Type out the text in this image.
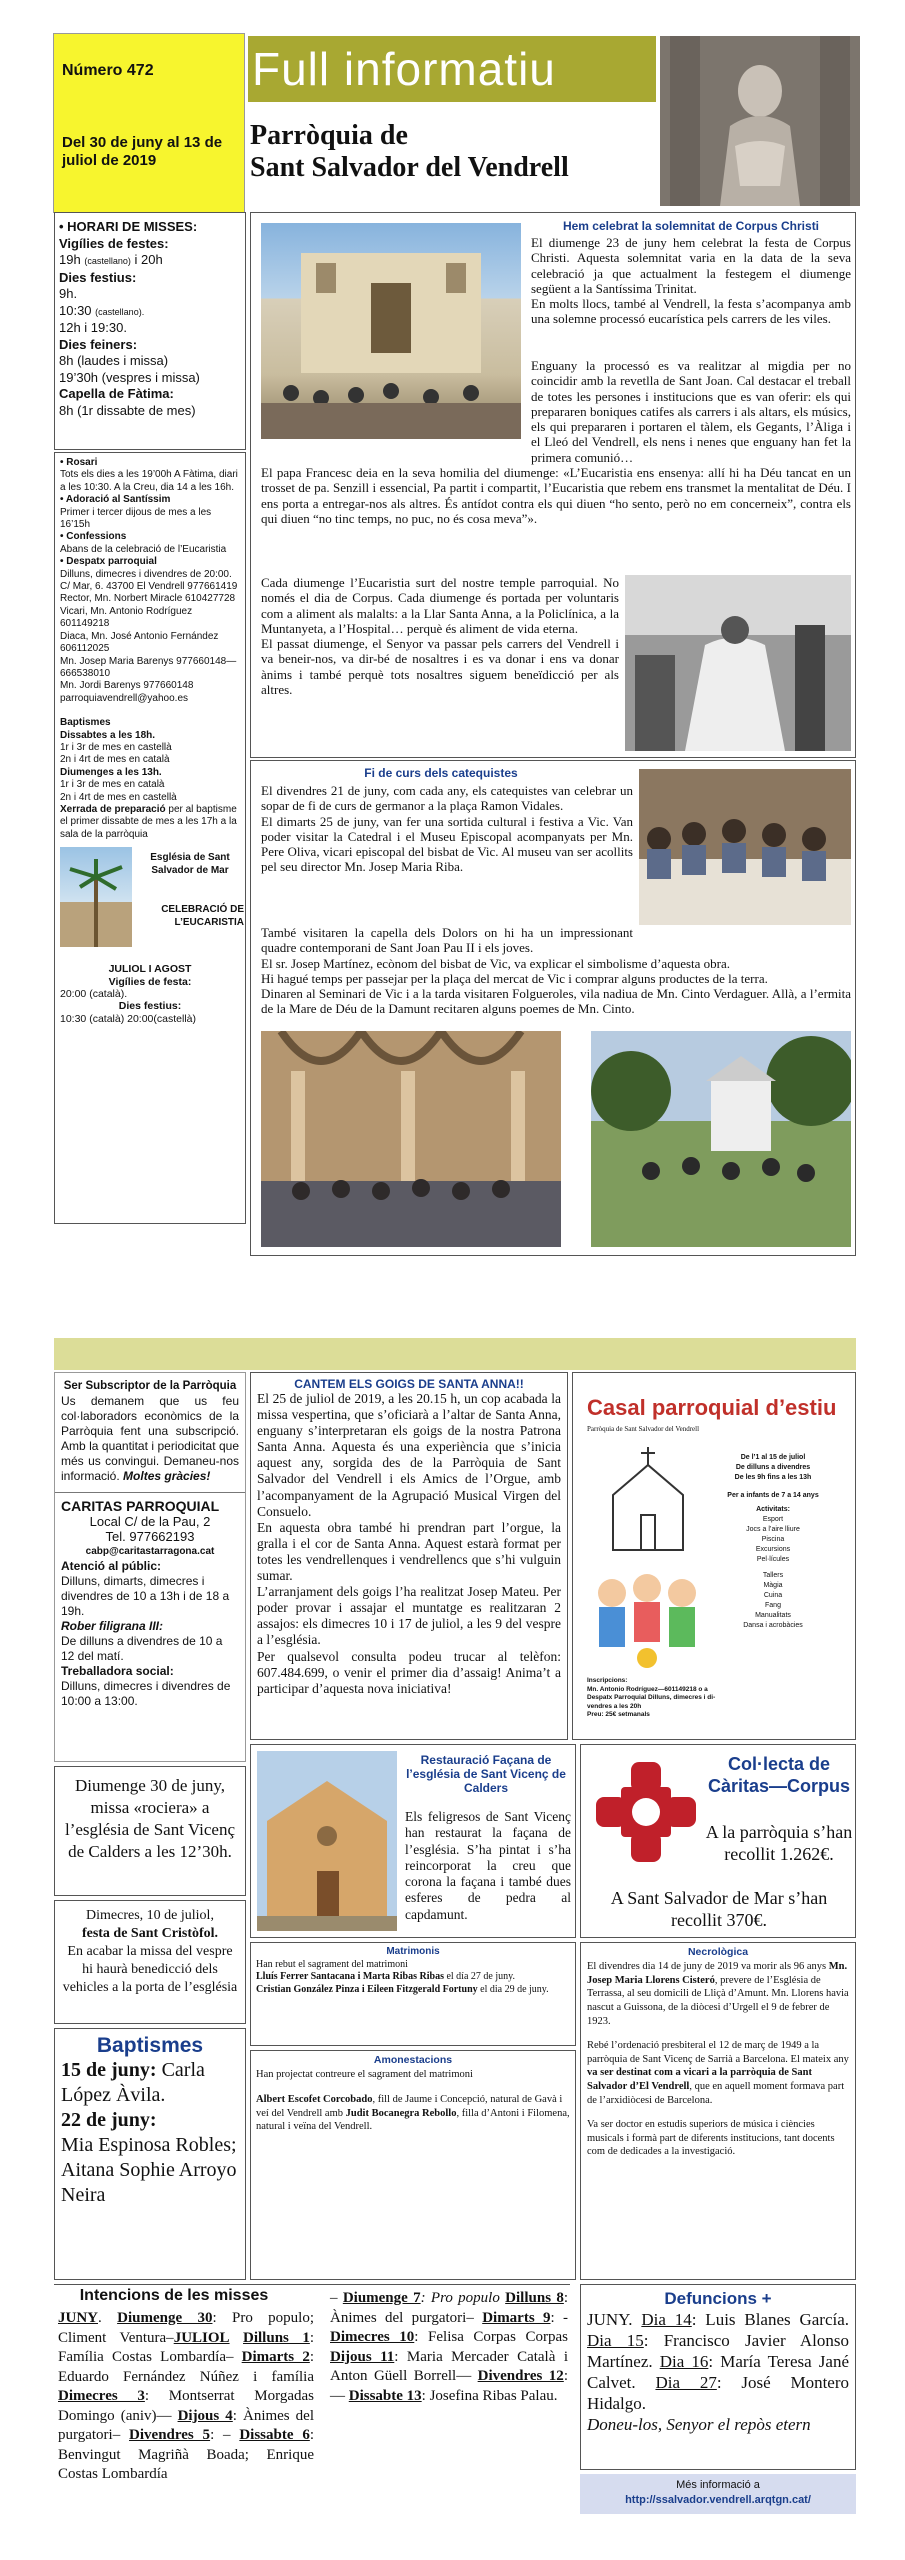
Número 472
Del 30 de juny al 13 de juliol de 2019
Full informatiu
Parròquia de
Sant Salvador del Vendrell
• HORARI DE MISSES:
Vigílies de festes:
19h (castellano) i 20h
Dies festius:
9h.
10:30 (castellano).
12h i 19:30.
Dies feiners:
8h (laudes i missa)
19’30h (vespres i missa)
Capella de Fàtima:
8h (1r dissabte de mes)
• Rosari
Tots els dies a les 19’00h A Fàtima, diari a les 10:30. A la Creu, dia 14 a les 16h.
• Adoració al Santíssim
Primer i tercer dijous de mes a les 16’15h
• Confessions
Abans de la celebració de l’Eucaristia
• Despatx parroquial
Dilluns, dimecres i divendres de 20:00.
C/ Mar, 6. 43700 El Vendrell 977661419
Rector, Mn. Norbert Miracle 610427728
Vicari, Mn. Antonio Rodríguez 601149218
Diaca, Mn. José Antonio Fernández 606112025
Mn. Josep Maria Barenys 977660148—666538010
Mn. Jordi Barenys 977660148
parroquiavendrell@yahoo.es
Baptismes
Dissabtes a les 18h.
1r i 3r de mes en castellà
2n i 4rt de mes en català
Diumenges a les 13h.
1r i 3r de mes en català
2n i 4rt de mes en castellà
Xerrada de preparació per al baptisme el primer dissabte de mes a les 17h a la sala de la parròquia
Església de Sant Salvador de Mar
CELEBRACIÓ DE L’EUCARISTIA
JULIOL I AGOST
Vigílies de festa:
20:00 (català).
Dies festius:
10:30 (català) 20:00(castellà)
Hem celebrat la solemnitat de Corpus Christi

El diumenge 23 de juny hem celebrat la festa de Corpus Christi. Aquesta solemnitat varia en la data de la seva celebració ja que actualment la festegem el diumenge següent a la Santíssima Trinitat.

En molts llocs, també al Vendrell, la festa s’acompanya amb una solemne processó eucarística pels carrers de les viles.

Enguany la processó es va realitzar al migdia per no coincidir amb la revetlla de Sant Joan. Cal destacar el treball de totes les persones i institucions que es van oferir: els qui prepararen boniques catifes als carrers i als altars, els músics, els qui prepararen i portaren el tàlem, els Gegants, l’Àliga i el Lleó del Vendrell, els nens i nenes que enguany han fet la primera comunió…

El papa Francesc deia en la seva homilia del diumenge: «L’Eucaristia ens ensenya: allí hi ha Déu tancat en un trosset de pa. Senzill i essencial, Pa partit i compartit, l’Eucaristia que rebem ens transmet la mentalitat de Déu. I ens porta a entregar-nos als altres. És antídot contra els qui diuen “ho sento, però no em concerneix”, contra els qui diuen “no tinc temps, no puc, no és cosa meva”».

Cada diumenge l’Eucaristia surt del nostre temple parroquial. No només el dia de Corpus. Cada diumenge és portada per voluntaris com a aliment als malalts: a la Llar Santa Anna, a la Policlínica, a la Muntanyeta, a l’Hospital… perquè és aliment de vida eterna.

El passat diumenge, el Senyor va passar pels carrers del Vendrell i va beneir-nos, va dir-bé de nosaltres i es va donar i ens va donar ànims i també perquè tots nosaltres siguem beneïdicció per als altres.

Fi de curs dels catequistes

El divendres 21 de juny, com cada any, els catequistes van celebrar un sopar de fi de curs de germanor a la plaça Ramon Vidales.

El dimarts 25 de juny, van fer una sortida cultural i festiva a Vic. Van poder visitar la Catedral i el Museu Episcopal acompanyats per Mn. Pere Oliva, vicari episcopal del bisbat de Vic. Al museu van ser acollits pel seu director Mn. Josep Maria Riba.

També visitaren la capella dels Dolors on hi ha un impressionant quadre contemporani de Sant Joan Pau II i els joves.

El sr. Josep Martínez, ecònom del bisbat de Vic, va explicar el simbolisme d’aquesta obra.

Hi hagué temps per passejar per la plaça del mercat de Vic i comprar alguns productes de la terra.

Dinaren al Seminari de Vic i a la tarda visitaren Folgueroles, vila nadiua de Mn. Cinto Verdaguer. Allà, a l’ermita de la Mare de Déu de la Damunt recitaren alguns poemes de Mn. Cinto.

Ser Subscriptor de la Parròquia
Us demanem que us feu col·laboradors econòmics de la Parròquia fent una subscripció. Amb la quantitat i periodicitat que més us convingui. Demaneu-nos informació. Moltes gràcies!
CARITAS PARROQUIAL
Local C/ de la Pau, 2
Tel. 977662193
cabp@caritastarragona.cat
Atenció al públic:
Dilluns, dimarts, dimecres i divendres de 10 a 13h i de 18 a 19h.
Rober filigrana III:
De dilluns a divendres de 10 a 12 del matí.
Treballadora social:
Dilluns, dimecres i divendres de 10:00 a 13:00.
Diumenge 30 de juny, missa «rociera» a l’església de Sant Vicenç de Calders a les 12’30h.
Dimecres, 10 de juliol,
festa de Sant Cristòfol.
En acabar la missa del vespre hi haurà benedicció dels vehicles a la porta de l’església
Baptismes
15 de juny: Carla López Àvila.
22 de juny:
Mia Espinosa Robles; Aitana Sophie Arroyo Neira
CANTEM ELS GOIGS DE SANTA ANNA!!

El 25 de juliol de 2019, a les 20.15 h, un cop acabada la missa vespertina, que s’oficiarà a l’altar de Santa Anna, enguany s’interpretaran els goigs de la nostra Patrona Santa Anna. Aquesta és una experiència que s’inicia aquest any, sorgida des de la Parròquia de Sant Salvador del Vendrell i els Amics de l’Orgue, amb l’acompanyament de la Agrupació Musical Virgen del Consuelo.

En aquesta obra també hi prendran part l’orgue, la gralla i el cor de Santa Anna. Aquest estarà format per totes les vendrellenques i vendrellencs que s’hi vulguin sumar.

L’arranjament dels goigs l’ha realitzat Josep Mateu. Per poder provar i assajar el muntatge es realitzaran 2 assajos: els dimecres 10 i 17 de juliol, a les 9 del vespre a l’església.

Per qualsevol consulta podeu trucar al telèfon: 607.484.699, o venir el primer dia d’assaig! Anima’t a participar d’aquesta nova iniciativa!

Casal parroquial d’estiu
Parròquia de Sant Salvador del Vendrell
De l’1 al 15 de juliol
De dilluns a divendres
De les 9h fins a les 13h
Per a infants de 7 a 14 anys
Activitats:
Esport
Jocs a l’aire lliure
Piscina
Excursions
Pel·lícules
Tallers
Màgia
Cuina
Fang
Manualitats
Dansa i acrobàcies
Inscripcions:
Mn. Antonio Rodríguez—601149218 o a
Despatx Parroquial Dilluns, dimecres i di-
vendres a les 20h
Preu: 25€ setmanals
Restauració Façana de l’església de Sant Vicenç de Calders
Els feligresos de Sant Vicenç han restaurat la façana de l’església. S’ha pintat i s’ha reincorporat la creu que corona la façana i també dues esferes de pedra al capdamunt.
Col·lecta de Càritas—Corpus
A la parròquia s’han recollit 1.262€.
A Sant Salvador de Mar s’han recollit 370€.
Matrimonis
Han rebut el sagrament del matrimoni
Lluís Ferrer Santacana i Marta Ribas Ribas el día 27 de juny.
Cristian González Pinza i Eileen Fitzgerald Fortuny el dia 29 de juny.
Amonestacions
Han projectat contreure el sagrament del matrimoni
Albert Escofet Corcobado, fill de Jaume i Concepció, natural de Gavà i veí del Vendrell amb Judit Bocanegra Rebollo, filla d’Antoni i Filomena, natural i veïna del Vendrell.
Necrològica

El divendres dia 14 de juny de 2019 va morir als 96 anys Mn. Josep Maria Llorens Cisteró, prevere de l’Església de Terrassa, al seu domicili de Lliçà d’Amunt. Mn. Llorens havia nascut a Guissona, de la diòcesi d’Urgell el 9 de febrer de 1923.

Rebé l’ordenació presbiteral el 12 de març de 1949 a la parròquia de Sant Vicenç de Sarrià a Barcelona. El mateix any va ser destinat com a vicari a la parròquia de Sant Salvador d’El Vendrell, que en aquell moment formava part de l’arxidiòcesi de Barcelona.

Va ser doctor en estudis superiors de música i ciències musicals i formà part de diferents institucions, tant docents com de dedicades a la investigació.

Intencions de les misses
JUNY. Diumenge 30: Pro populo; Climent Ventura–JULIOL Dilluns 1: Família Costas Lombardía– Dimarts 2: Eduardo Fernández Núñez i família Dimecres 3: Montserrat Morgadas Domingo (aniv)— Dijous 4: Ànimes del purgatori– Divendres 5: – Dissabte 6: Benvingut Magriñà Boada; Enrique Costas Lombardía
– Diumenge 7: Pro populo Dilluns 8: Ànimes del purgatori– Dimarts 9: - Dimecres 10: Felisa Corpas Corpas Dijous 11: Maria Mercader Català i Anton Güell Borrell— Divendres 12: — Dissabte 13: Josefina Ribas Palau.
Defuncions +
JUNY. Dia 14: Luis Blanes García. Dia 15: Francisco Javier Alonso Martínez. Dia 16: María Teresa Jané Calvet. Dia 27: José Montero Hidalgo.
Doneu-los, Senyor el repòs etern
Més informació a
http://ssalvador.vendrell.arqtgn.cat/
